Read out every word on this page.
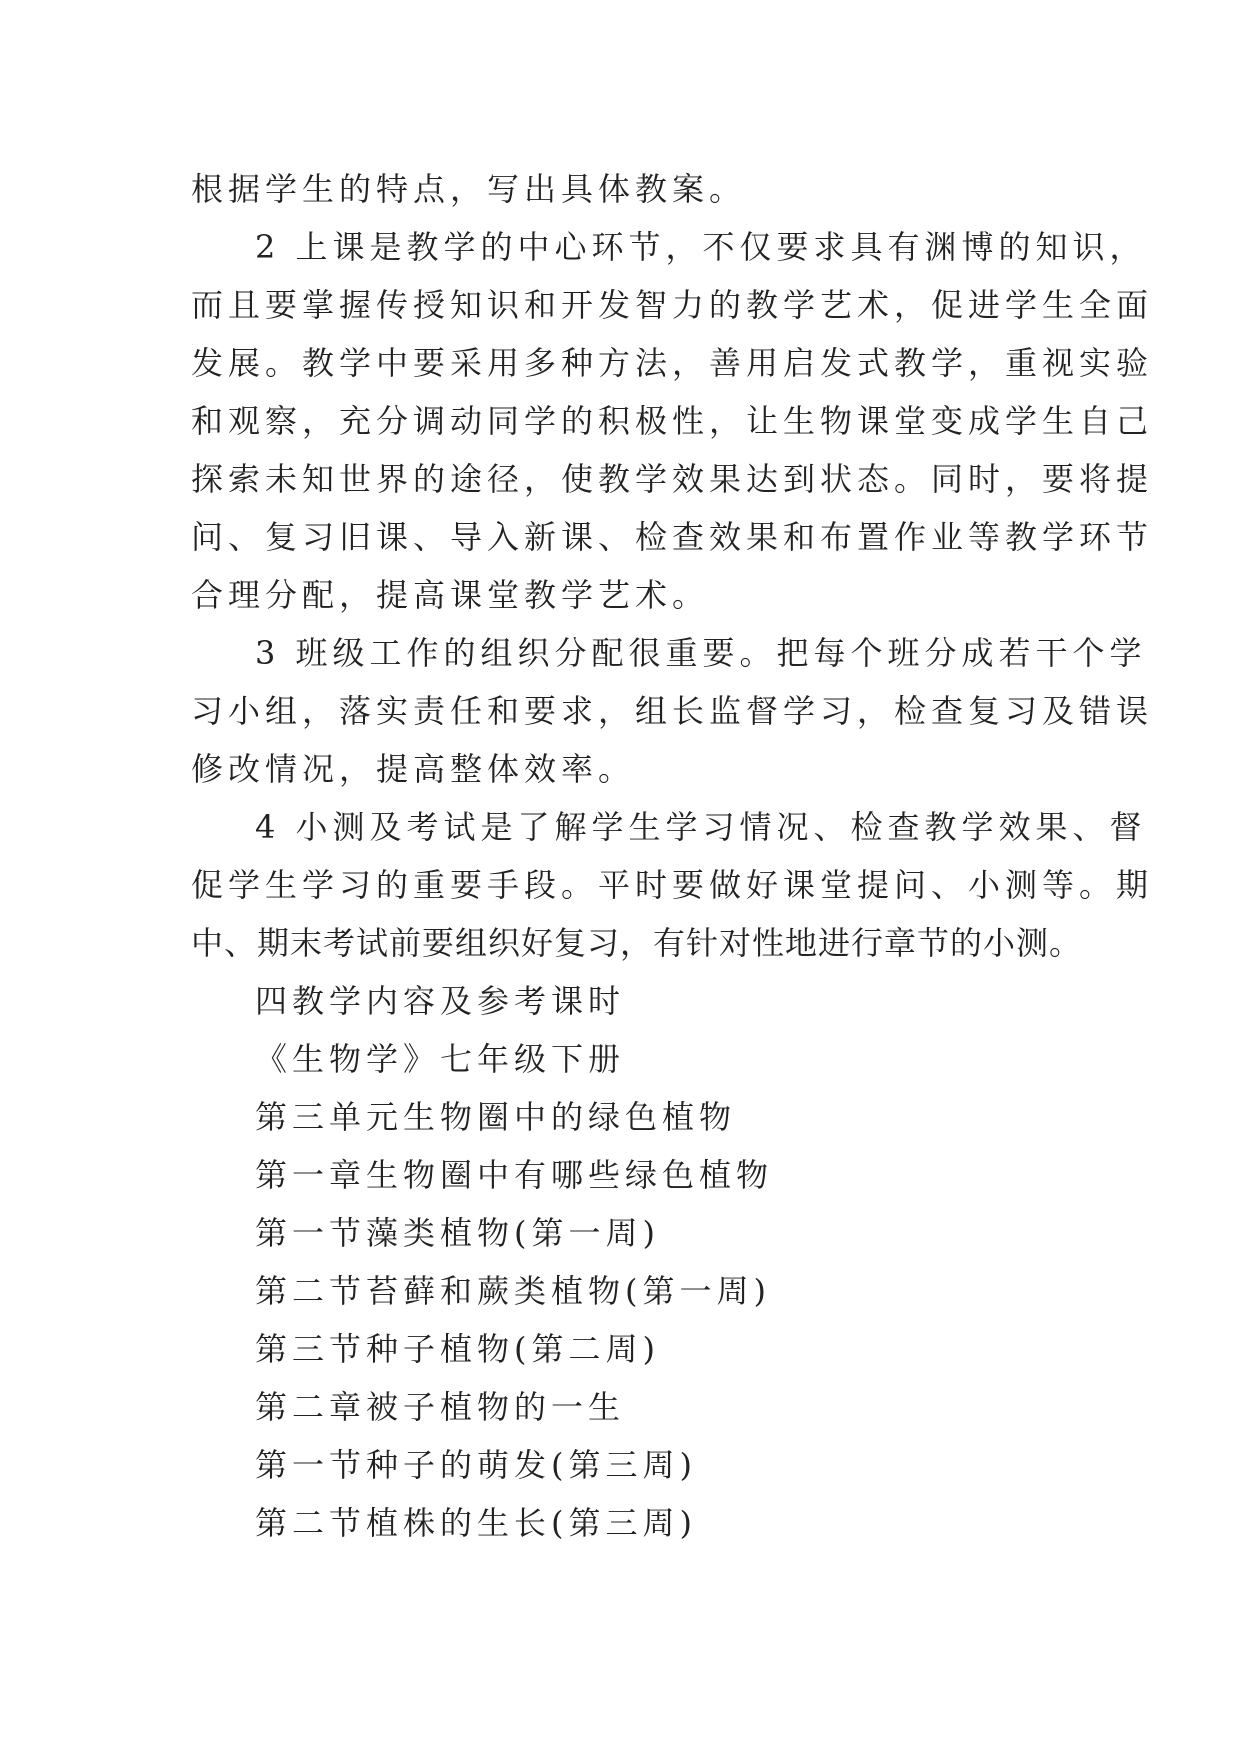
根据学生的特点，写出具体教案。
2 上课是教学的中心环节，不仅要求具有渊博的知识，
而且要掌握传授知识和开发智力的教学艺术，促进学生全面
发展。教学中要采用多种方法，善用启发式教学，重视实验
和观察，充分调动同学的积极性，让生物课堂变成学生自己
探索未知世界的途径，使教学效果达到状态。同时，要将提
问、复习旧课、导入新课、检查效果和布置作业等教学环节
合理分配，提高课堂教学艺术。
3 班级工作的组织分配很重要。把每个班分成若干个学
习小组，落实责任和要求，组长监督学习，检查复习及错误
修改情况，提高整体效率。
4 小测及考试是了解学生学习情况、检查教学效果、督
促学生学习的重要手段。平时要做好课堂提问、小测等。期
中、期末考试前要组织好复习，有针对性地进行章节的小测。
四教学内容及参考课时
《生物学》七年级下册
第三单元生物圈中的绿色植物
第一章生物圈中有哪些绿色植物
第一节藻类植物(第一周)
第二节苔藓和蕨类植物(第一周)
第三节种子植物(第二周)
第二章被子植物的一生
第一节种子的萌发(第三周)
第二节植株的生长(第三周)
